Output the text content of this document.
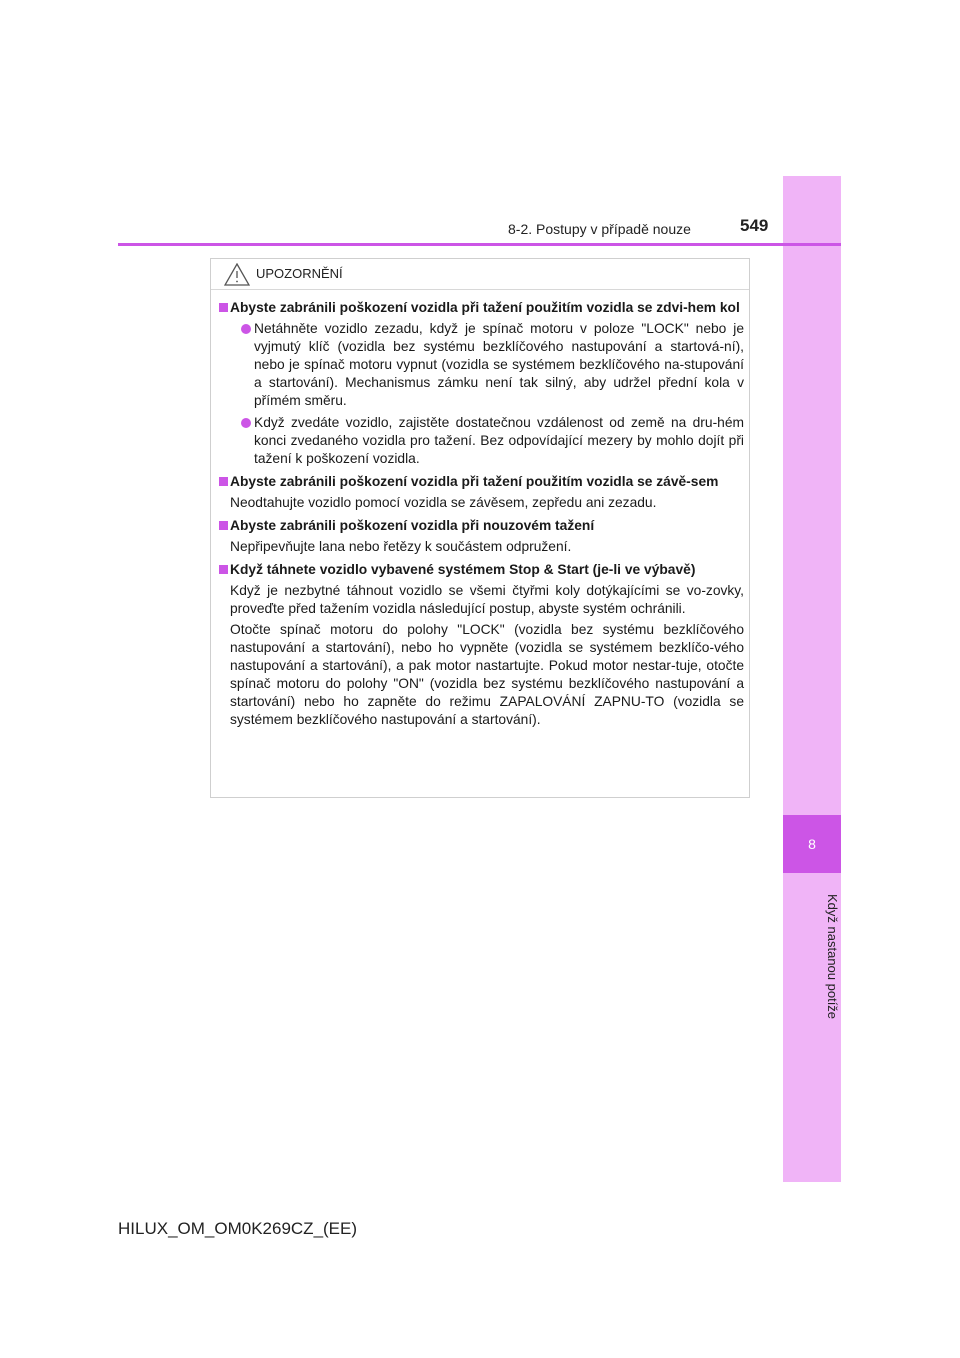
8
Když nastanou potíže
8-2. Postupy v případě nouze	549
UPOZORNĚNÍ
Abyste zabránili poškození vozidla při tažení použitím vozidla se zdvi-hem kol
Netáhněte vozidlo zezadu, když je spínač motoru v poloze "LOCK" nebo je vyjmutý klíč (vozidla bez systému bezklíčového nastupování a startová-ní), nebo je spínač motoru vypnut (vozidla se systémem bezklíčového na-stupování a startování). Mechanismus zámku není tak silný, aby udržel přední kola v přímém směru.
Když zvedáte vozidlo, zajistěte dostatečnou vzdálenost od země na dru-hém konci zvedaného vozidla pro tažení. Bez odpovídající mezery by mohlo dojít při tažení k poškození vozidla.
Abyste zabránili poškození vozidla při tažení použitím vozidla se závě-sem
Neodtahujte vozidlo pomocí vozidla se závěsem, zepředu ani zezadu.
Abyste zabránili poškození vozidla při nouzovém tažení
Nepřipevňujte lana nebo řetězy k součástem odpružení.
Když táhnete vozidlo vybavené systémem Stop & Start (je-li ve výbavě)
Když je nezbytné táhnout vozidlo se všemi čtyřmi koly dotýkajícími se vo-zovky, proveďte před tažením vozidla následující postup, abyste systém ochránili.
Otočte spínač motoru do polohy "LOCK" (vozidla bez systému bezklíčového nastupování a startování), nebo ho vypněte (vozidla se systémem bezklíčo-vého nastupování a startování), a pak motor nastartujte. Pokud motor nestar-tuje, otočte spínač motoru do polohy "ON" (vozidla bez systému bezklíčového nastupování a startování) nebo ho zapněte do režimu ZAPALOVÁNÍ ZAPNU-TO (vozidla se systémem bezklíčového nastupování a startování).
HILUX_OM_OM0K269CZ_(EE)
